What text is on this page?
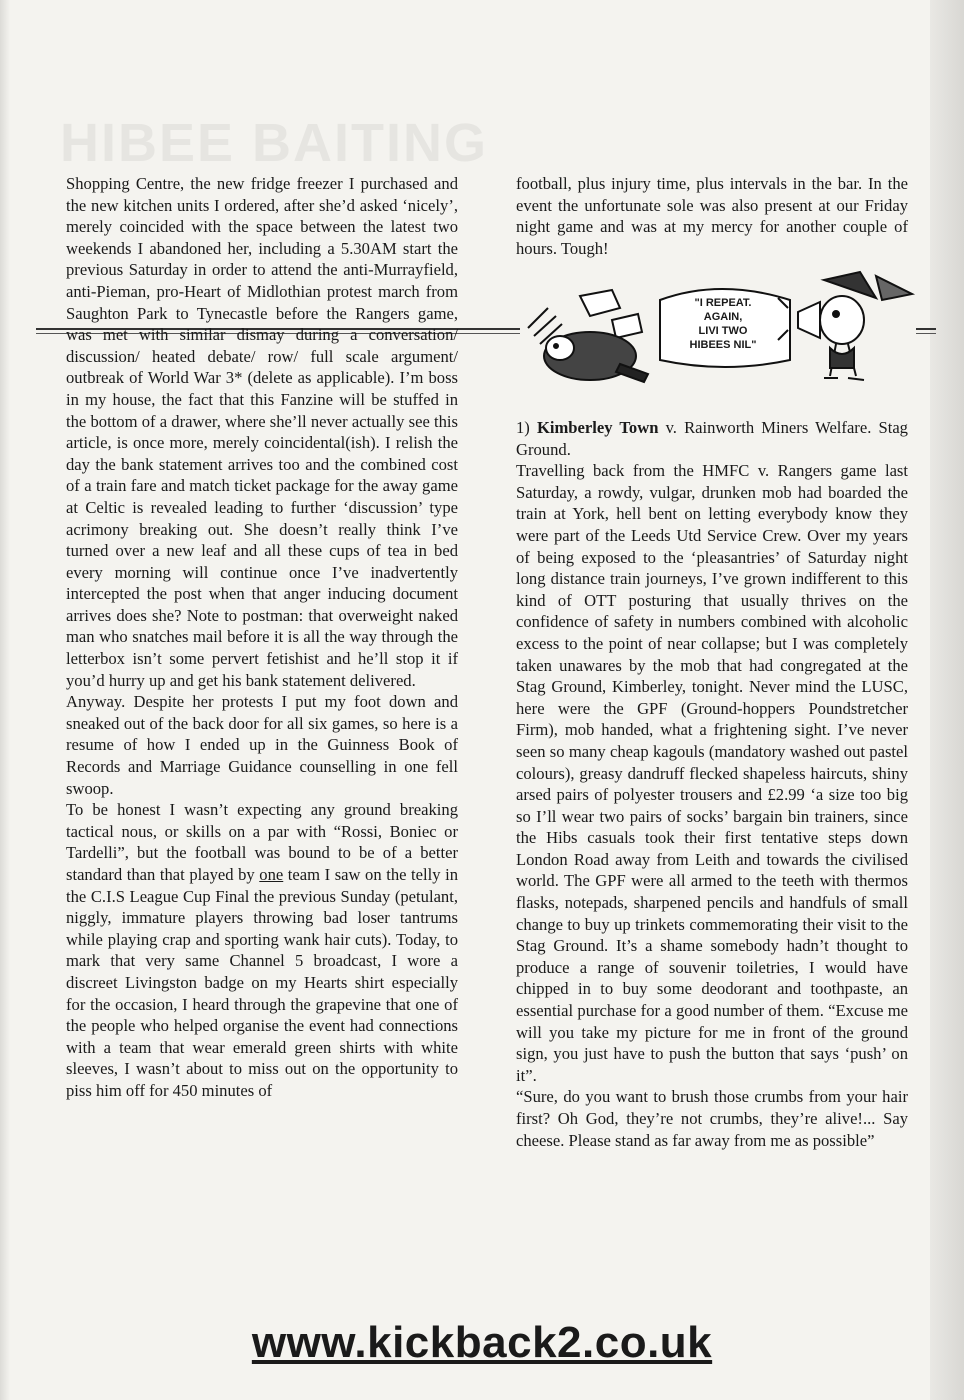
HIBEE BAITING

Shopping Centre, the new fridge freezer I purchased and the new kitchen units I ordered, after she’d asked ‘nicely’, merely coincided with the space between the latest two weekends I abandoned her, including a 5.30AM start the previous Saturday in order to attend the anti-Murrayfield, anti-Pieman, pro-Heart of Midlothian protest march from Saughton Park to Tynecastle before the Rangers game, was met with similar dismay during a conversation/ discussion/ heated debate/ row/ full scale argument/ outbreak of World War 3* (delete as applicable). I’m boss in my house, the fact that this Fanzine will be stuffed in the bottom of a drawer, where she’ll never actually see this article, is once more, merely coincidental(ish). I relish the day the bank statement arrives too and the combined cost of a train fare and match ticket package for the away game at Celtic is revealed leading to further ‘discussion’ type acrimony breaking out. She doesn’t really think I’ve turned over a new leaf and all these cups of tea in bed every morning will continue once I’ve inadvertently intercepted the post when that anger inducing document arrives does she? Note to postman: that overweight naked man who snatches mail before it is all the way through the letterbox isn’t some pervert fetishist and he’ll stop it if you’d hurry up and get his bank statement delivered.

Anyway. Despite her protests I put my foot down and sneaked out of the back door for all six games, so here is a resume of how I ended up in the Guinness Book of Records and Marriage Guidance counselling in one fell swoop.

To be honest I wasn’t expecting any ground breaking tactical nous, or skills on a par with “Rossi, Boniec or Tardelli”, but the football was bound to be of a better standard than that played by one team I saw on the telly in the C.I.S League Cup Final the previous Sunday (petulant, niggly, immature players throwing bad loser tantrums while playing crap and sporting wank hair cuts). Today, to mark that very same Channel 5 broadcast, I wore a discreet Livingston badge on my Hearts shirt especially for the occasion, I heard through the grapevine that one of the people who helped organise the event had connections with a team that wear emerald green shirts with white sleeves, I wasn’t about to miss out on the opportunity to piss him off for 450 minutes of

football, plus injury time, plus intervals in the bar. In the event the unfortunate sole was also present at our Friday night game and was at my mercy for another couple of hours. Tough!

"I REPEAT.
AGAIN,
LIVI TWO
HIBEES NIL"

1) Kimberley Town v. Rainworth Miners Welfare. Stag Ground.

Travelling back from the HMFC v. Rangers game last Saturday, a rowdy, vulgar, drunken mob had boarded the train at York, hell bent on letting everybody know they were part of the Leeds Utd Service Crew. Over my years of being exposed to the ‘pleasantries’ of Saturday night long distance train journeys, I’ve grown indifferent to this kind of OTT posturing that usually thrives on the confidence of safety in numbers combined with alcoholic excess to the point of near collapse; but I was completely taken unawares by the mob that had congregated at the Stag Ground, Kimberley, tonight. Never mind the LUSC, here were the GPF (Ground-hoppers Poundstretcher Firm), mob handed, what a frightening sight. I’ve never seen so many cheap kagouls (mandatory washed out pastel colours), greasy dandruff flecked shapeless haircuts, shiny arsed pairs of polyester trousers and £2.99 ‘a size too big so I’ll wear two pairs of socks’ bargain bin trainers, since the Hibs casuals took their first tentative steps down London Road away from Leith and towards the civilised world. The GPF were all armed to the teeth with thermos flasks, notepads, sharpened pencils and handfuls of small change to buy up trinkets commemorating their visit to the Stag Ground. It’s a shame somebody hadn’t thought to produce a range of souvenir toiletries, I would have chipped in to buy some deodorant and toothpaste, an essential purchase for a good number of them. “Excuse me will you take my picture for me in front of the ground sign, you just have to push the button that says ‘push’ on it”.

“Sure, do you want to brush those crumbs from your hair first? Oh God, they’re not crumbs, they’re alive!... Say cheese. Please stand as far away from me as possible”

www.kickback2.co.uk
